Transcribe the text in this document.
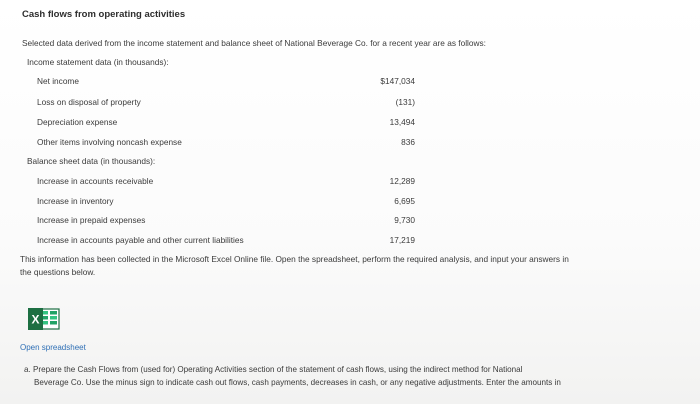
Cash flows from operating activities
Selected data derived from the income statement and balance sheet of National Beverage Co. for a recent year are as follows:
Income statement data (in thousands):
Net income	$147,034
Loss on disposal of property	(131)
Depreciation expense	13,494
Other items involving noncash expense	836
Balance sheet data (in thousands):
Increase in accounts receivable	12,289
Increase in inventory	6,695
Increase in prepaid expenses	9,730
Increase in accounts payable and other current liabilities	17,219
This information has been collected in the Microsoft Excel Online file. Open the spreadsheet, perform the required analysis, and input your answers in
the questions below.
X
Open spreadsheet
a. Prepare the Cash Flows from (used for) Operating Activities section of the statement of cash flows, using the indirect method for National
Beverage Co. Use the minus sign to indicate cash out flows, cash payments, decreases in cash, or any negative adjustments. Enter the amounts in
